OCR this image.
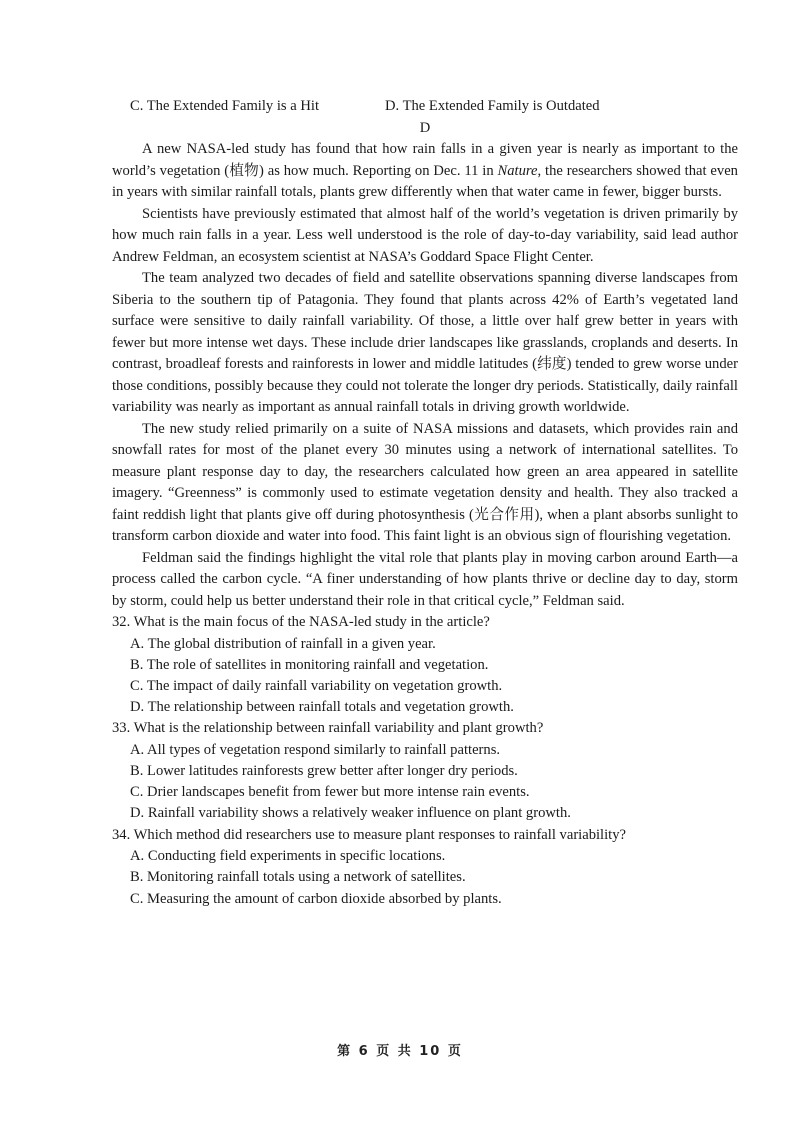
C. The Extended Family is a Hit	D. The Extended Family is Outdated
D

A new NASA-led study has found that how rain falls in a given year is nearly as important to the world’s vegetation (植物) as how much. Reporting on Dec. 11 in Nature, the researchers showed that even in years with similar rainfall totals, plants grew differently when that water came in fewer, bigger bursts.

Scientists have previously estimated that almost half of the world’s vegetation is driven primarily by how much rain falls in a year. Less well understood is the role of day-to-day variability, said lead author Andrew Feldman, an ecosystem scientist at NASA’s Goddard Space Flight Center.

The team analyzed two decades of field and satellite observations spanning diverse landscapes from Siberia to the southern tip of Patagonia. They found that plants across 42% of Earth’s vegetated land surface were sensitive to daily rainfall variability. Of those, a little over half grew better in years with fewer but more intense wet days. These include drier landscapes like grasslands, croplands and deserts. In contrast, broadleaf forests and rainforests in lower and middle latitudes (纬度) tended to grew worse under those conditions, possibly because they could not tolerate the longer dry periods. Statistically, daily rainfall variability was nearly as important as annual rainfall totals in driving growth worldwide.

The new study relied primarily on a suite of NASA missions and datasets, which provides rain and snowfall rates for most of the planet every 30 minutes using a network of international satellites. To measure plant response day to day, the researchers calculated how green an area appeared in satellite imagery. “Greenness” is commonly used to estimate vegetation density and health. They also tracked a faint reddish light that plants give off during photosynthesis (光合作用), when a plant absorbs sunlight to transform carbon dioxide and water into food. This faint light is an obvious sign of flourishing vegetation.

Feldman said the findings highlight the vital role that plants play in moving carbon around Earth—a process called the carbon cycle. “A finer understanding of how plants thrive or decline day to day, storm by storm, could help us better understand their role in that critical cycle,” Feldman said.

32. What is the main focus of the NASA-led study in the article?

A. The global distribution of rainfall in a given year.

B. The role of satellites in monitoring rainfall and vegetation.

C. The impact of daily rainfall variability on vegetation growth.

D. The relationship between rainfall totals and vegetation growth.

33. What is the relationship between rainfall variability and plant growth?

A. All types of vegetation respond similarly to rainfall patterns.

B. Lower latitudes rainforests grew better after longer dry periods.

C. Drier landscapes benefit from fewer but more intense rain events.

D. Rainfall variability shows a relatively weaker influence on plant growth.

34. Which method did researchers use to measure plant responses to rainfall variability?

A. Conducting field experiments in specific locations.

B. Monitoring rainfall totals using a network of satellites.

C. Measuring the amount of carbon dioxide absorbed by plants.

第 6 页 共 10 页
